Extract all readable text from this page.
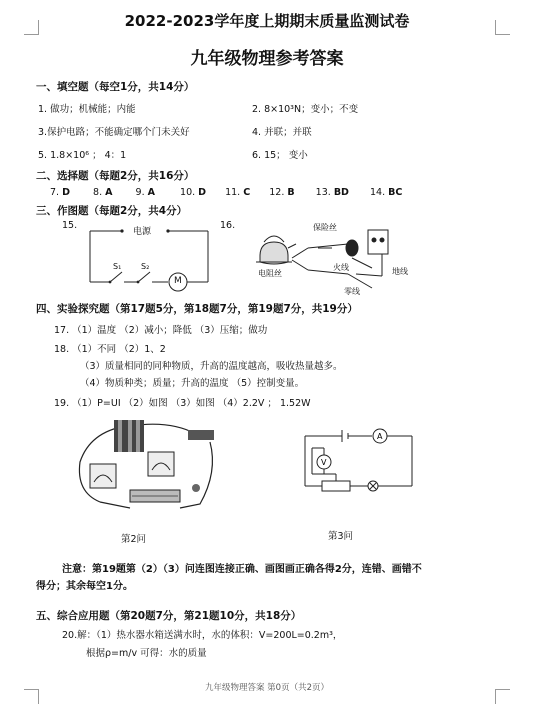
2022-2023学年度上期期末质量监测试卷
九年级物理参考答案
一、填空题（每空1分，共14分）
1. 做功；机械能；内能	2. 8×10³N；变小；不变
3.保护电路；不能确定哪个门未关好	4. 并联；并联
5. 1.8×10⁶ ； 4：1	6. 15； 变小
二、选择题（每题2分，共16分）
7. D 8. A 9. A	10. D 11. C 12. B 13. BD 14. BC
三、作图题（每题2分，共4分）
15.	16.
电源
S₁ S₂
M
保险丝
电阻丝
火线
零线
地线
四、实验探究题（第17题5分，第18题7分，第19题7分，共19分）
17. （1）温度 （2）减小；降低 （3）压缩；做功
18. （1）不同 （2）1、2
（3）质量相同的同种物质，升高的温度越高，吸收热量越多。
（4）物质种类；质量；升高的温度 （5）控制变量。
19. （1）P=UI （2）如图 （3）如图 （4）2.2V ； 1.52W
第2问
A
V
第3问
注意：第19题第（2）（3）问连图连接正确、画图画正确各得2分，连错、画错不
得分；其余每空1分。
五、综合应用题（第20题7分，第21题10分，共18分）
20.解：（1）热水器水箱送满水时，水的体积：V=200L=0.2m³，
根据ρ=m/v 可得：水的质量
九年级物理答案 第0页（共2页）
